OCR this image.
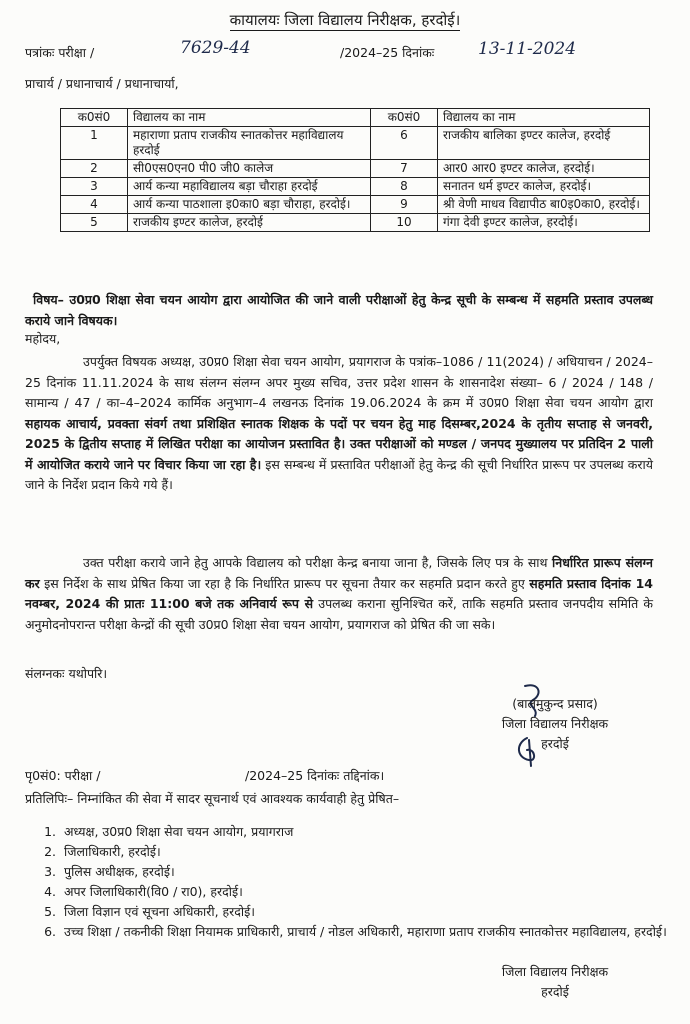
कायालयः जिला विद्यालय निरीक्षक, हरदोई।
पत्रांकः परीक्षा /	7629-44	/2024–25 दिनांकः	13-11-2024
प्राचार्य / प्रधानाचार्य / प्रधानाचार्या,
क0सं0	विद्यालय का नाम	क0सं0	विद्यालय का नाम
1	महाराणा प्रताप राजकीय स्नातकोत्तर महाविद्यालय हरदोई	6	राजकीय बालिका इण्टर कालेज, हरदोई
2	सी0एस0एन0 पी0 जी0 कालेज	7	आर0 आर0 इण्टर कालेज, हरदोई।
3	आर्य कन्या महाविद्यालय बड़ा चौराहा हरदोई	8	सनातन धर्म इण्टर कालेज, हरदोई।
4	आर्य कन्या पाठशाला इ0का0 बड़ा चौराहा, हरदोई।	9	श्री वेणी माधव विद्यापीठ बा0इ0का0, हरदोई।
5	राजकीय इण्टर कालेज, हरदोई	10	गंगा देवी इण्टर कालेज, हरदोई।
विषय– उ0प्र0 शिक्षा सेवा चयन आयोग द्वारा आयोजित की जाने वाली परीक्षाओं हेतु केन्द्र सूची के सम्बन्ध में सहमति प्रस्ताव उपलब्ध कराये जाने विषयक।
महोदय,
उपर्युक्त विषयक अध्यक्ष, उ0प्र0 शिक्षा सेवा चयन आयोग, प्रयागराज के पत्रांक–1086 / 11(2024) / अधियाचन / 2024–25 दिनांक 11.11.2024 के साथ संलग्न संलग्न अपर मुख्य सचिव, उत्तर प्रदेश शासन के शासनादेश संख्या– 6 / 2024 / 148 / सामान्य / 47 / का–4–2024 कार्मिक अनुभाग–4 लखनऊ दिनांक 19.06.2024 के क्रम में उ0प्र0 शिक्षा सेवा चयन आयोग द्वारा सहायक आचार्य, प्रवक्ता संवर्ग तथा प्रशिक्षित स्नातक शिक्षक के पदों पर चयन हेतु माह दिसम्बर,2024 के तृतीय सप्ताह से जनवरी, 2025 के द्वितीय सप्ताह में लिखित परीक्षा का आयोजन प्रस्तावित है। उक्त परीक्षाओं को मण्डल / जनपद मुख्यालय पर प्रतिदिन 2 पाली में आयोजित कराये जाने पर विचार किया जा रहा है। इस सम्बन्ध में प्रस्तावित परीक्षाओं हेतु केन्द्र की सूची निर्धारित प्रारूप पर उपलब्ध कराये जाने के निर्देश प्रदान किये गये हैं।
उक्त परीक्षा कराये जाने हेतु आपके विद्यालय को परीक्षा केन्द्र बनाया जाना है, जिसके लिए पत्र के साथ निर्धारित प्रारूप संलग्न कर इस निर्देश के साथ प्रेषित किया जा रहा है कि निर्धारित प्रारूप पर सूचना तैयार कर सहमति प्रदान करते हुए सहमति प्रस्ताव दिनांक 14 नवम्बर, 2024 की प्रातः 11:00 बजे तक अनिवार्य रूप से उपलब्ध कराना सुनिश्चित करें, ताकि सहमति प्रस्ताव जनपदीय समिति के अनुमोदनोपरान्त परीक्षा केन्द्रों की सूची उ0प्र0 शिक्षा सेवा चयन आयोग, प्रयागराज को प्रेषित की जा सके।
संलग्नकः यथोपरि।
(बालमुकुन्द प्रसाद)
जिला विद्यालय निरीक्षक
हरदोई
पृ0सं0: परीक्षा /	/2024–25 दिनांकः तद्दिनांक।
प्रतिलिपिः– निम्नांकित की सेवा में सादर सूचनार्थ एवं आवश्यक कार्यवाही हेतु प्रेषित–
1. अध्यक्ष, उ0प्र0 शिक्षा सेवा चयन आयोग, प्रयागराज
2. जिलाधिकारी, हरदोई।
3. पुलिस अधीक्षक, हरदोई।
4. अपर जिलाधिकारी(वि0 / रा0), हरदोई।
5. जिला विज्ञान एवं सूचना अधिकारी, हरदोई।
6. उच्च शिक्षा / तकनीकी शिक्षा नियामक प्राधिकारी, प्राचार्य / नोडल अधिकारी, महाराणा प्रताप राजकीय स्नातकोत्तर महाविद्यालय, हरदोई।
जिला विद्यालय निरीक्षक
हरदोई
